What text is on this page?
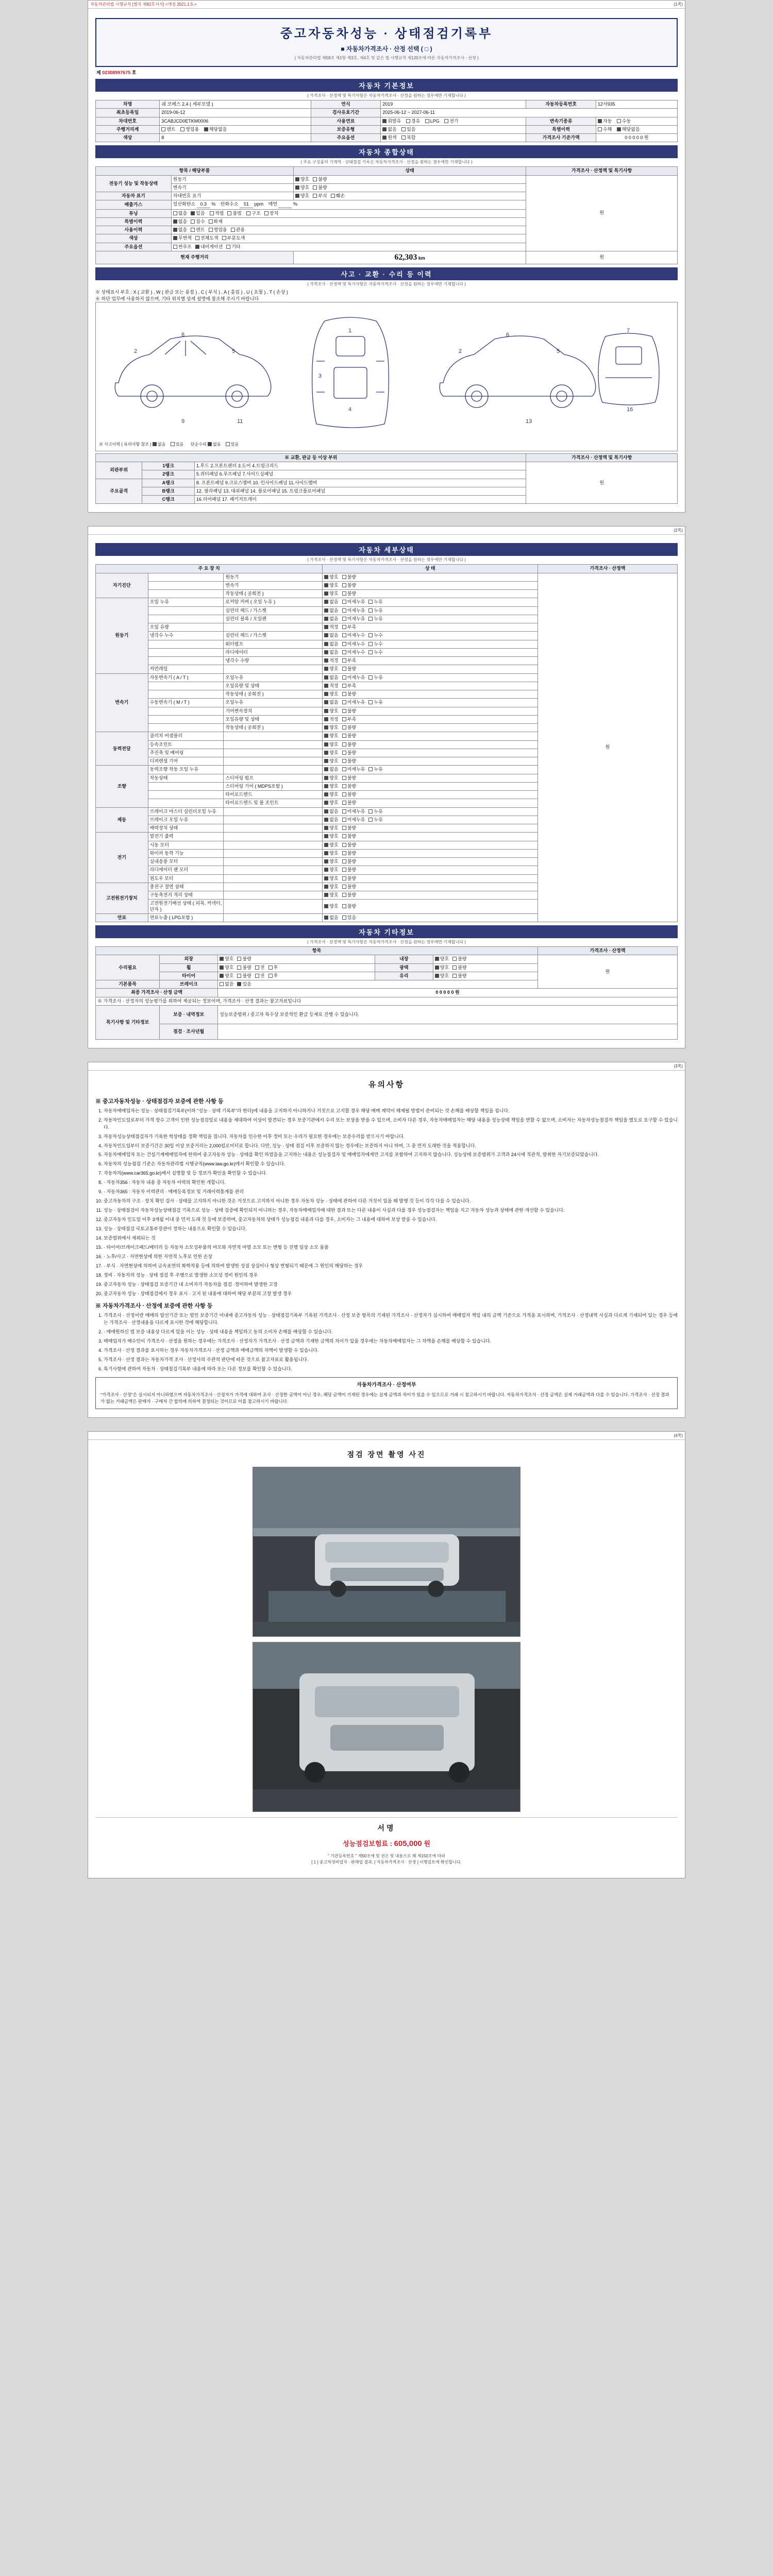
자동차관리법 시행규칙 [별지 제82호서식] <개정 2021.1.5.>	(1쪽)
중고자동차성능 · 상태점검기록부
■ 자동차가격조사 · 산정 선택 ( □ )
( 자동차관리법 제58조 제1항 제3호, 제4호 및 같은 법 시행규칙 제120조에 따른 자동차가격조사 · 산정 )
제 02308997675 호
자동차 기본정보
( 가격조사 · 산정액 및 특기사항은 자동차가격조사 · 산정을 원하는 경우에만 기재합니다 )
차명	쉐 코페스 2.4 ( 세부모델 )	연식	2019	자동차등록번호	12서935
최초등록일	2019-06-12	검사유효기간	2025-06-12 ~ 2027-06-11		
차대번호	3CABJCD0ETKM0006	사용연료	휘발유 경유 LPG 전기	변속기종류	자동 수동
주행거리계	렌트 영업용 해당없음	보증유형	없음 있음	특별이력	수해 해당없음
색상	8	주요옵션	원색 복합	가격조사 기준가액	0 0 0 0 0 원
자동차 종합상태
( 주요 구성품의 기계적 · 상태점검 기록은 자동차가격조사 · 산정을 원하는 경우에만 기재합니다 )
항목 / 해당부품		상태	가격조사 · 산정액 및 특기사항
전동기 성능 및 작동상태	원동기	양호 불량	원
	변속기	양호 불량	
자동차 표기	차대번호 표기	양호 부식 훼손	
배출가스	일산화탄소 0.3 % 탄화수소 51 ppm 매연 %		
튜닝	없음 있음 적법 불법 구조 장치		
특별이력	없음 침수 화재		
사용이력	없음 렌트 영업용 관용		
색상	무변색 전체도색 부분도색		
주요옵션	썬루프 내비게이션 기타		
현재 주행거리		62,303 km	원
사고 · 교환 · 수리 등 이력
( 가격조사 · 산정액 및 특기사항은 자동차가격조사 · 산정을 원하는 경우에만 기재합니다 )
※ 상태표시 부호 : X ( 교환 ) , W ( 판금 또는 용접 ) , C ( 부식 ) , A ( 흠집 ) , U ( 요철 ) , T ( 손상 )
※ 하단 업무에 사용하지 않으며, 기타 위치별 상세 설명에 참조해 주시기 바랍니다
2
6
5
1
4
3
2
6
5
7
16
9	11	13
※ 사고이력 ( 유의사항 참조 ) 없음 있음 단순수리 없음 있음
※ 교환, 판금 등 이상 부위			가격조사 · 산정액 및 특기사항
외판부위	1랭크	1.후드 2.프론트펜더 3.도어 4.트렁크리드	원
	2랭크	5.쿼터패널 6.루프패널 7.사이드실패널	
주요골격	A랭크	8. 프론트패널 9.크로스멤버 10. 인사이드패널 11.사이드멤버	
	B랭크	12. 필라패널 13. 대쉬패널 14. 플로어패널 15. 트렁크플로어패널	
	C랭크	16.리어패널 17. 패키지트레이	
(2쪽)
자동차 세부상태
( 가격조사 · 산정액 및 특기사항은 자동차가격조사 · 산정을 원하는 경우에만 기재합니다 )
주 요 장 치			상 태	가격조사 · 산정액
자기진단		원동기	양호 불량	원
		변속기	양호 불량	
		작동상태 ( 공회전 )	양호 불량	
원동기	오일 누유	로커암 커버 ( 오일 누유 )	없음 미세누유 누유	
		실린더 헤드 / 가스켓	없음 미세누유 누유	
		실린더 블록 / 오일팬	없음 미세누유 누유	
	오일 유량		적정 부족	
	냉각수 누수	실린더 헤드 / 가스켓	없음 미세누수 누수	
		워터펌프	없음 미세누수 누수	
		라디에이터	없음 미세누수 누수	
		냉각수 수량	적정 부족	
	커먼레일		양호 불량	
변속기	자동변속기 ( A / T )	오일누유	없음 미세누유 누유	
		오일유량 및 상태	적정 부족	
		작동상태 ( 공회전 )	양호 불량	
	수동변속기 ( M / T )	오일누유	없음 미세누유 누유	
		기어변속장치	양호 불량	
		오일유량 및 상태	적정 부족	
		작동상태 ( 공회전 )	양호 불량	
동력전달	클러치 어셈블리		양호 불량	
	등속조인트		양호 불량	
	추진축 및 베어링		양호 불량	
	디퍼렌셜 기어		양호 불량	
조향	동력조향 작동 오일 누유		없음 미세누유 누유	
	작동상태	스티어링 펌프	양호 불량	
		스티어링 기어 ( MDPS포함 )	양호 불량	
		타이로드엔드	양호 불량	
		타이로드엔드 및 볼 조인트	양호 불량	
제동	브레이크 마스터 실린더오일 누유		없음 미세누유 누유	
	브레이크 오일 누유		없음 미세누유 누유	
	배력장치 상태		양호 불량	
전기	발전기 출력		양호 불량	
	시동 모터		양호 불량	
	와이퍼 동작 기능		양호 불량	
	실내송풍 모터		양호 불량	
	라디에이터 팬 모터		양호 불량	
	윈도우 모터		양호 불량	
고전원전기장치	충전구 절연 상태		양호 불량	
	구동축전지 격리 상태		양호 불량	
	고전원전기배선 상태 ( 피복, 커넥터, 단자 )		양호 불량	
연료	연료누출 ( LPG포함 )		없음 있음	
자동차 기타정보
( 가격조사 · 산정액 및 특기사항은 자동차가격조사 · 산정을 원하는 경우에만 기재합니다 )
항목					가격조사 · 산정액
수리필요	외장	양호 불량	내장	양호 불량	원
	휠	양호 불량 전 후	광택	양호 불량	
	타이어	양호 불량 전 후	유리	양호 불량	
기본품목	브레이크	없음 있음			
최종 가격조사 · 산정 금액		0 0 0 0 0 원			
※ 가격조사 · 산정자의 성능평가를 위하여 제공되는 정보이며, 가격조사 · 산정 결과는 참고자료입니다					
특기사항 및 기타정보	보증 · 내역정보	성능보증범위 / 중고차 특수상 보증적인 환급 등제로 진행 수 있습니다.			
	점검 · 조사년월				
(3쪽)
유의사항
※ 중고자동차성능 · 상태점검자 보증에 관한 사항 등
1. 자동차매매업자는 성능 · 상태점검기록부(이하 "성능 · 상태 기록부"라 한다)에 내용을 고지하지 아니하거나 거짓으로 고지할 경우 해당 매매 계약이 해제될 방법이 준비되는 것 손해를 배상할 책임을 집니다.
2. 자동차인도일로부터 가격 장수 고객이 인한 성능점검일로 내용을 제대하여 이상이 발견되는 경우 보증기관에서 수리 또는 보상을 받을 수 있으며, 소비자 다른 경우, 자동차매매업자는 해당 내용을 성능상태 책임을 면할 수 없으며, 소비자는 자동차성능점검자 책임을 별도로 요구할 수 있습니다.
3. 자동차성능상태점검자가 기록한 학상태를 정확 책임을 집니다. 자동차를 인수한 이후 정비 또는 수리가 필요한 경우에는 보증수리를 받으시기 바랍니다.
4. 자동차인도일부터 보증기간은 30일 이상 보증거리는 2,000킬로미터로 합니다. 다만, 성능 · 상태 점검 이후 보증하지 않는 경우에는 보증하지 아니 하며, 그 중 먼저 도래한 것을 적용합니다.
5. 자동차매매업자 또는 건설기계매매업자에 한하여 중고자동차 성능 · 상태를 확인 하였음을 고지하는 내용은 성능점검자 및 매매업자에게만 고지를 포함하여 고지하지 않습니다. 성능상태 보증범위가 고객과 24시에 직관적, 발취한 자기보증되었습니다.
6. 자동차의 성능점검 기준은 자동차관리법 시행규칙(www.law.go.kr)에서 확인할 수 있습니다.
7. 자동차의(www.car365.go.kr)에서 실명할 및 등 정보가 확인을 확인할 수 있습니다.
8. · 자동차356 : 자동차 내용 중 자동차 이력의 확인한 개합니다.
9. · 자동차365 : 자동차 이력관리 · 매매등록정보 및 거래이력통계를 관리
10. 중고자동차의 구조 · 장치 확인 검사 · 상태를 고지하지 아니한 것은 거짓으로 고지하지 아니한 경우 자동차 성능 · 상태에 관하여 다른 거짓이 있을 때 발행 것 등이 각각 다를 수 있습니다.
11. 성능 · 상태점검이 자동차성능상태점검 기록으로 성능 · 상태 검증에 확인되지 아니하는 경우, 자동차매매업자에 대한 결과 또는 다른 내용이 사실과 다를 경우 성능점검자는 책임을 지고 자동차 성능과 상태에 관한 개선할 수 있습니다.
12. 중고자동차 인도일 이후 3개월 이내 중 먼저 도래 것 등에 보증하며, 중고자동차의 상태가 성능점검 내용과 다를 경우, 소비자는 그 내용에 대하여 보상 받을 수 있습니다.
13. 성능 · 상태점검 국토교통부장관이 정하는 내용으로 확인할 수 있습니다.
14. 보증범위에서 제외되는 것
15. · 타이어/브레이크패드/배터리 등 자동차 소모성부품의 마모와 자연적 마멸 소모 또는 변형 등 진행 일상 소모 물품
16. · 노후/사고 · 자연현상에 의한 자연적 노후로 인한 손상
17. · 부식 · 자연현상에 의하여 금속표면의 화학작용 등에 의하여 발생한 성질 상실이나 형상 변형되기 때문에 그 원인의 해당하는 경우
18. 정비 · 자동차의 성능 · 상태 점검 후 주행으로 발생한 소모성 정비 원인의 경우
19. 중고자동차 성능 · 상태점검 보증기간 내 소비자가 자동차를 점검 ·정비하여 발생한 고장
20. 중고자동차 성능 · 상태점검에서 경우 표시 · 고지 된 내용에 대하여 해당 부분의 고장 발생 경우
※ 자동차가격조사 · 산정에 보증에 관한 사항 등
1. 가격조사 · 산정이란 매매의 알선기간 또는 법인 보증기간 이내에 중고자동차 성능 · 상태점검기록부 기록된 가격조사 · 산정 보증 항목의 기재된 가격조사 · 산정자가 실시하여 매매업자 책임 내의 금액 기준으로 가격을 표시하며, 가격조사 · 산정내역 사실과 다르게 기재되어 있는 경우 등에는 가격조사 · 산정내용을 다르게 표시한 것에 해당합니다.
2. · 매매원하신 법 보증 내용상 다르게 있을 이는 성능 · 상태 내용을 책임하고 동의 소비자 손해를 배상할 수 있습니다.
3. 매매업자가 매수인이 가격조사 · 산정을 원하는 경우에는 가격조사 · 산정자가 가격조사 · 산정 금액과 기재한 금액의 차이가 있을 경우에는 자동차매매업자는 그 차액을 손해를 배상할 수 있습니다.
4. 가격조사 · 산정 결과를 표시하는 경우 자동차가격조사 · 산정 금액과 매매금액의 차액이 발생할 수 있습니다.
5. 가격조사 · 산정 결과는 자동차가격 조사 · 산정사의 주관적 판단에 따른 것으로 참고자료로 활용됩니다.
6. 특기사항에 관하여 자동차 · 상태점검기록부 내용에 따라 또는 다른 정보를 확인할 수 있습니다.
자동차가격조사 · 산정여부
"가격조사 · 산정"은 실시되지 아니하였으며 자동차가격조사 · 산정자가 가격에 대하여 조사 · 산정한 금액이 아닌 경우, 해당 금액이 기재된 경우에는 실제 금액과 차이가 있을 수 있으므로 거래 시 참고하시기 바랍니다. 자동차가격조사 · 산정 금액은 실제 거래금액과 다를 수 있습니다. 가격조사 · 산정 결과가 없는 거래금액은 판매자 · 구매자 간 합의에 의하여 결정되는 것이므로 이를 참고하시기 바랍니다.
(4쪽)
점검 장면 촬영 사진
서명
성능점검보험료 : 605,000 원
" 기관등록번호 " 제50조에 및 권은 및 내용으로 해 제150조에 따라
[ 1 ] 중고차정비업자 · 판매업 결과, [ 자동차가격조사 · 산정 ] 이행검토에 확인합니다.
